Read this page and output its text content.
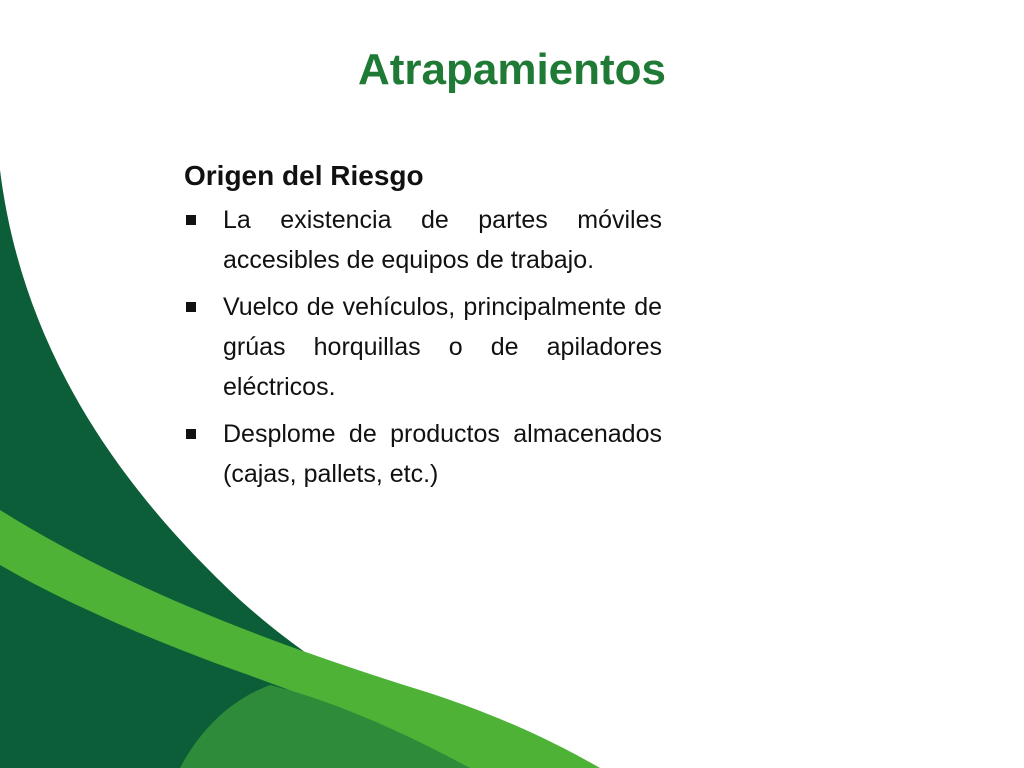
Atrapamientos
Origen del Riesgo
La existencia de partes móviles accesibles de equipos de trabajo.
Vuelco de vehículos, principalmente de grúas horquillas o de apiladores eléctricos.
Desplome de productos almacenados (cajas, pallets, etc.)
